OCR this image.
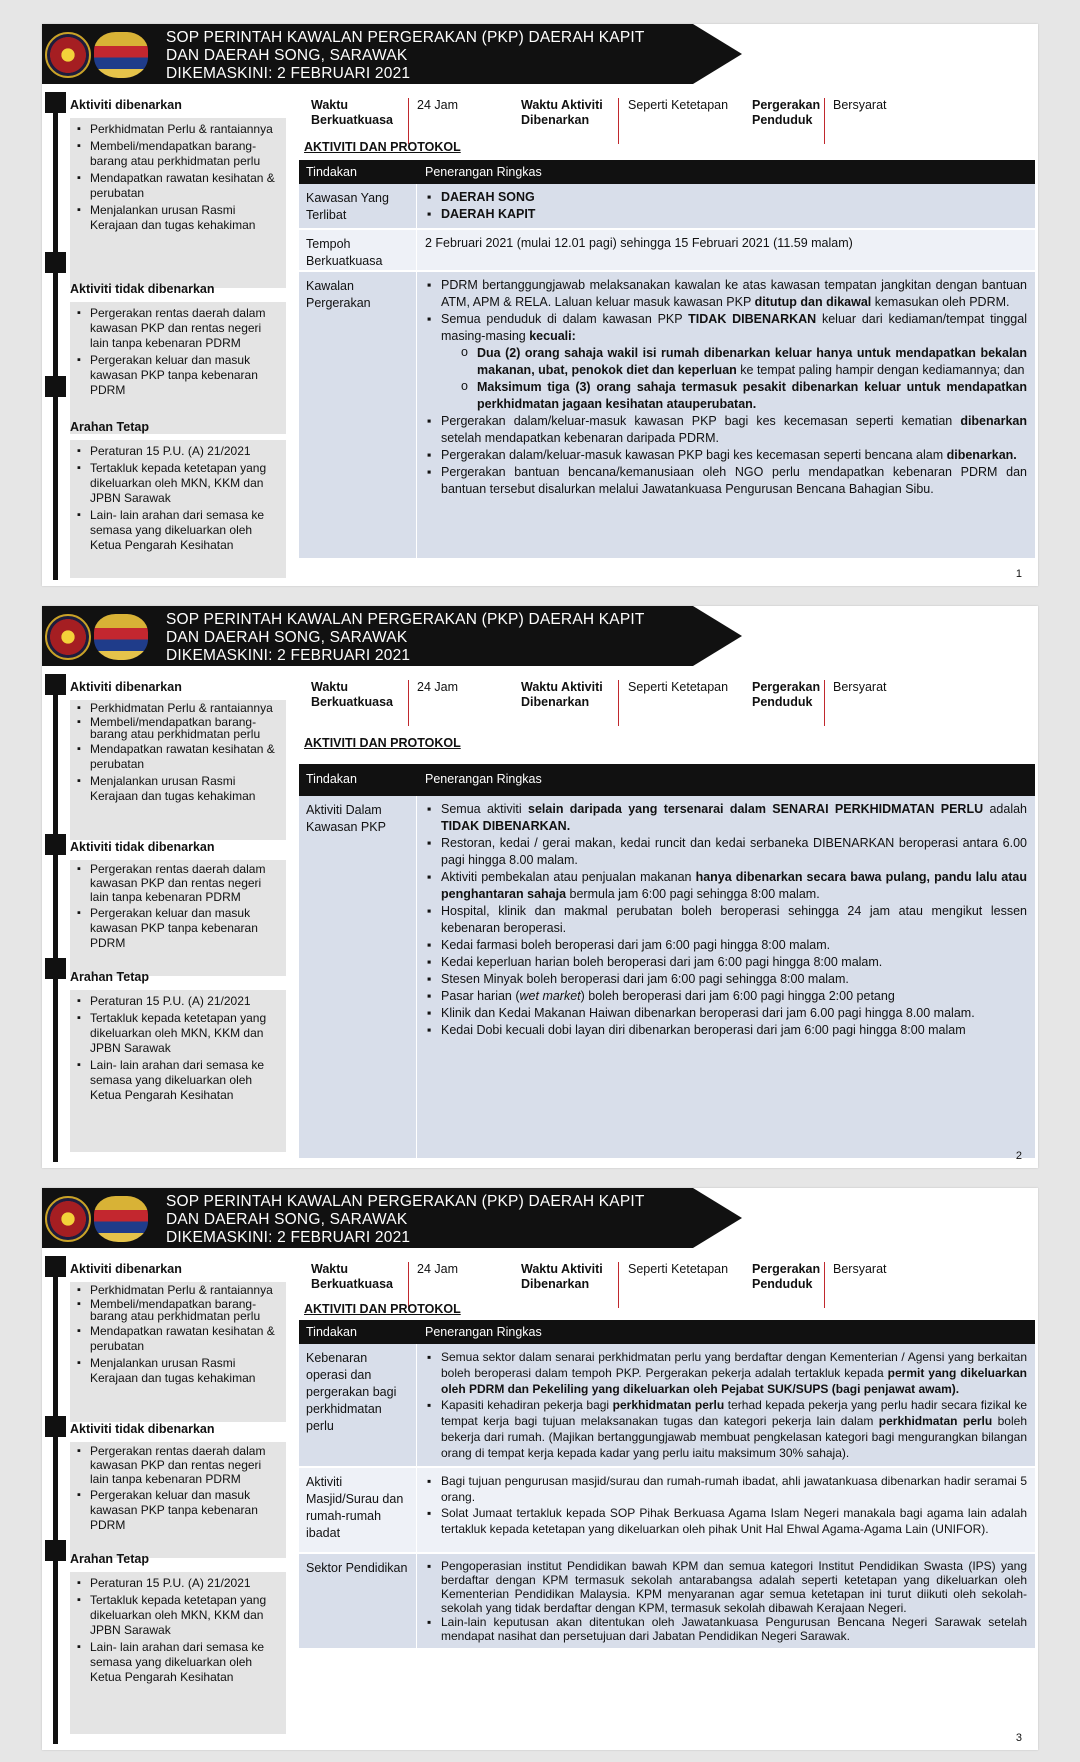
SOP PERINTAH KAWALAN PERGERAKAN (PKP) DAERAH KAPIT
DAN DAERAH SONG, SARAWAK
DIKEMASKINI: 2 FEBRUARI 2021
Aktiviti dibenarkan
▪ Perkhidmatan Perlu & rantaiannya
▪ Membeli/mendapatkan barang-barang atau perkhidmatan perlu
▪ Mendapatkan rawatan kesihatan & perubatan
▪ Menjalankan urusan Rasmi Kerajaan dan tugas kehakiman
Aktiviti tidak dibenarkan
▪ Pergerakan rentas daerah dalam kawasan PKP dan rentas negeri lain tanpa kebenaran PDRM
▪ Pergerakan keluar dan masuk kawasan PKP tanpa kebenaran PDRM
Arahan Tetap
▪ Peraturan 15 P.U. (A) 21/2021
▪ Tertakluk kepada ketetapan yang dikeluarkan oleh MKN, KKM dan JPBN Sarawak
▪ Lain- lain arahan dari semasa ke semasa yang dikeluarkan oleh Ketua Pengarah Kesihatan
Waktu Berkuatkuasa
24 Jam	Waktu Aktiviti Dibenarkan
Seperti Ketetapan Pergerakan Penduduk
Bersyarat
AKTIVITI DAN PROTOKOL
Tindakan	Penerangan Ringkas
Kawasan Yang Terlibat
▪ DAERAH SONG
▪ DAERAH KAPIT
Tempoh Berkuatkuasa
2 Februari 2021 (mulai 12.01 pagi) sehingga 15 Februari 2021 (11.59 malam)
Kawalan Pergerakan
▪ PDRM bertanggungjawab melaksanakan kawalan ke atas kawasan tempatan jangkitan dengan bantuan ATM, APM & RELA. Laluan keluar masuk kawasan PKP ditutup dan dikawal kemasukan oleh PDRM.
▪ Semua penduduk di dalam kawasan PKP TIDAK DIBENARKAN keluar dari kediaman/tempat tinggal masing-masing kecuali:
o Dua (2) orang sahaja wakil isi rumah dibenarkan keluar hanya untuk mendapatkan bekalan makanan, ubat, penokok diet dan keperluan ke tempat paling hampir dengan kediamannya; dan
o Maksimum tiga (3) orang sahaja termasuk pesakit dibenarkan keluar untuk mendapatkan perkhidmatan jagaan kesihatan atauperubatan.
▪ Pergerakan dalam/keluar-masuk kawasan PKP bagi kes kecemasan seperti kematian dibenarkan setelah mendapatkan kebenaran daripada PDRM.
▪ Pergerakan dalam/keluar-masuk kawasan PKP bagi kes kecemasan seperti bencana alam dibenarkan.
▪ Pergerakan bantuan bencana/kemanusiaan oleh NGO perlu mendapatkan kebenaran PDRM dan bantuan tersebut disalurkan melalui Jawatankuasa Pengurusan Bencana Bahagian Sibu.
1
SOP PERINTAH KAWALAN PERGERAKAN (PKP) DAERAH KAPIT
DAN DAERAH SONG, SARAWAK
DIKEMASKINI: 2 FEBRUARI 2021
Aktiviti dibenarkan
▪ Perkhidmatan Perlu & rantaiannya
▪ Membeli/mendapatkan barang-barang atau perkhidmatan perlu
▪ Mendapatkan rawatan kesihatan & perubatan
▪ Menjalankan urusan Rasmi Kerajaan dan tugas kehakiman
Aktiviti tidak dibenarkan
▪ Pergerakan rentas daerah dalam kawasan PKP dan rentas negeri lain tanpa kebenaran PDRM
▪ Pergerakan keluar dan masuk kawasan PKP tanpa kebenaran PDRM
Arahan Tetap
▪ Peraturan 15 P.U. (A) 21/2021
▪ Tertakluk kepada ketetapan yang dikeluarkan oleh MKN, KKM dan JPBN Sarawak
▪ Lain- lain arahan dari semasa ke semasa yang dikeluarkan oleh Ketua Pengarah Kesihatan
Waktu Berkuatkuasa
24 Jam	Waktu Aktiviti Dibenarkan
Seperti Ketetapan Pergerakan Penduduk
Bersyarat
AKTIVITI DAN PROTOKOL
Tindakan	Penerangan Ringkas
Aktiviti Dalam Kawasan PKP
▪ Semua aktiviti selain daripada yang tersenarai dalam SENARAI PERKHIDMATAN PERLU adalah TIDAK DIBENARKAN.
▪ Restoran, kedai / gerai makan, kedai runcit dan kedai serbaneka DIBENARKAN beroperasi antara 6.00 pagi hingga 8.00 malam.
▪ Aktiviti pembekalan atau penjualan makanan hanya dibenarkan secara bawa pulang, pandu lalu atau penghantaran sahaja bermula jam 6:00 pagi sehingga 8:00 malam.
▪ Hospital, klinik dan makmal perubatan boleh beroperasi sehingga 24 jam atau mengikut lessen kebenaran beroperasi.
▪ Kedai farmasi boleh beroperasi dari jam 6:00 pagi hingga 8:00 malam.
▪ Kedai keperluan harian boleh beroperasi dari jam 6:00 pagi hingga 8:00 malam.
▪ Stesen Minyak boleh beroperasi dari jam 6:00 pagi sehingga 8:00 malam.
▪ Pasar harian (wet market) boleh beroperasi dari jam 6:00 pagi hingga 2:00 petang
▪ Klinik dan Kedai Makanan Haiwan dibenarkan beroperasi dari jam 6.00 pagi hingga 8.00 malam.
▪ Kedai Dobi kecuali dobi layan diri dibenarkan beroperasi dari jam 6:00 pagi hingga 8:00 malam
2
SOP PERINTAH KAWALAN PERGERAKAN (PKP) DAERAH KAPIT
DAN DAERAH SONG, SARAWAK
DIKEMASKINI: 2 FEBRUARI 2021
Aktiviti dibenarkan
▪ Perkhidmatan Perlu & rantaiannya
▪ Membeli/mendapatkan barang-barang atau perkhidmatan perlu
▪ Mendapatkan rawatan kesihatan & perubatan
▪ Menjalankan urusan Rasmi Kerajaan dan tugas kehakiman
Aktiviti tidak dibenarkan
▪ Pergerakan rentas daerah dalam kawasan PKP dan rentas negeri lain tanpa kebenaran PDRM
▪ Pergerakan keluar dan masuk kawasan PKP tanpa kebenaran PDRM
Arahan Tetap
▪ Peraturan 15 P.U. (A) 21/2021
▪ Tertakluk kepada ketetapan yang dikeluarkan oleh MKN, KKM dan JPBN Sarawak
▪ Lain- lain arahan dari semasa ke semasa yang dikeluarkan oleh Ketua Pengarah Kesihatan
Waktu Berkuatkuasa
24 Jam	Waktu Aktiviti Dibenarkan
Seperti Ketetapan Pergerakan Penduduk
Bersyarat
AKTIVITI DAN PROTOKOL
Tindakan	Penerangan Ringkas
Kebenaran operasi dan pergerakan bagi perkhidmatan perlu
▪ Semua sektor dalam senarai perkhidmatan perlu yang berdaftar dengan Kementerian / Agensi yang berkaitan boleh beroperasi dalam tempoh PKP. Pergerakan pekerja adalah tertakluk kepada permit yang dikeluarkan oleh PDRM dan Pekeliling yang dikeluarkan oleh Pejabat SUK/SUPS (bagi penjawat awam).
▪ Kapasiti kehadiran pekerja bagi perkhidmatan perlu terhad kepada pekerja yang perlu hadir secara fizikal ke tempat kerja bagi tujuan melaksanakan tugas dan kategori pekerja lain dalam perkhidmatan perlu boleh bekerja dari rumah. (Majikan bertanggungjawab membuat pengkelasan kategori bagi mengurangkan bilangan orang di tempat kerja kepada kadar yang perlu iaitu maksimum 30% sahaja).
Aktiviti Masjid/Surau dan rumah-rumah ibadat
▪ Bagi tujuan pengurusan masjid/surau dan rumah-rumah ibadat, ahli jawatankuasa dibenarkan hadir seramai 5 orang.
▪ Solat Jumaat tertakluk kepada SOP Pihak Berkuasa Agama Islam Negeri manakala bagi agama lain adalah tertakluk kepada ketetapan yang dikeluarkan oleh pihak Unit Hal Ehwal Agama-Agama Lain (UNIFOR).
Sektor Pendidikan
▪	Pengoperasian institut Pendidikan bawah KPM dan semua kategori Institut Pendidikan Swasta (IPS) yang berdaftar dengan KPM termasuk sekolah antarabangsa adalah seperti ketetapan yang dikeluarkan oleh Kementerian Pendidikan Malaysia. KPM menyaranan agar semua ketetapan ini turut diikuti oleh sekolah-sekolah yang tidak berdaftar dengan KPM, termasuk sekolah dibawah Kerajaan Negeri.
▪ Lain-lain keputusan akan ditentukan oleh Jawatankuasa Pengurusan Bencana Negeri Sarawak setelah mendapat nasihat dan persetujuan dari Jabatan Pendidikan Negeri Sarawak.
3
